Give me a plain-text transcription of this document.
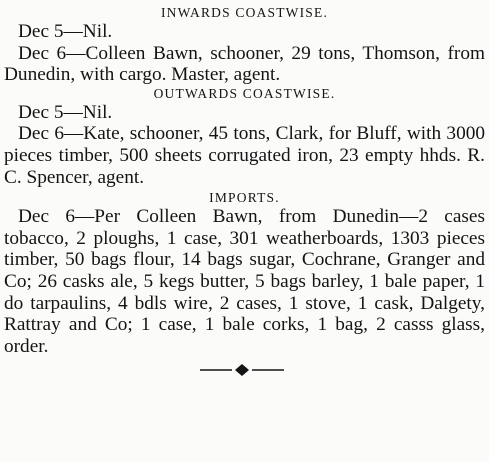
INWARDS COASTWISE.

Dec 5—Nil.

Dec 6—Colleen Bawn, schooner, 29 tons, Thomson, from Dunedin, with cargo. Master, agent.

OUTWARDS COASTWISE.

Dec 5—Nil.

Dec 6—Kate, schooner, 45 tons, Clark, for Bluff, with 3000 pieces timber, 500 sheets corrugated iron, 23 empty hhds. R. C. Spencer, agent.

IMPORTS.

Dec 6—Per Colleen Bawn, from Dunedin—2 cases tobacco, 2 ploughs, 1 case, 301 weatherboards, 1303 pieces timber, 50 bags flour, 14 bags sugar, Cochrane, Granger and Co; 26 casks ale, 5 kegs butter, 5 bags barley, 1 bale paper, 1 do tarpaulins, 4 bdls wire, 2 cases, 1 stove, 1 cask, Dalgety, Rattray and Co; 1 case, 1 bale corks, 1 bag, 2 casss glass, order.
